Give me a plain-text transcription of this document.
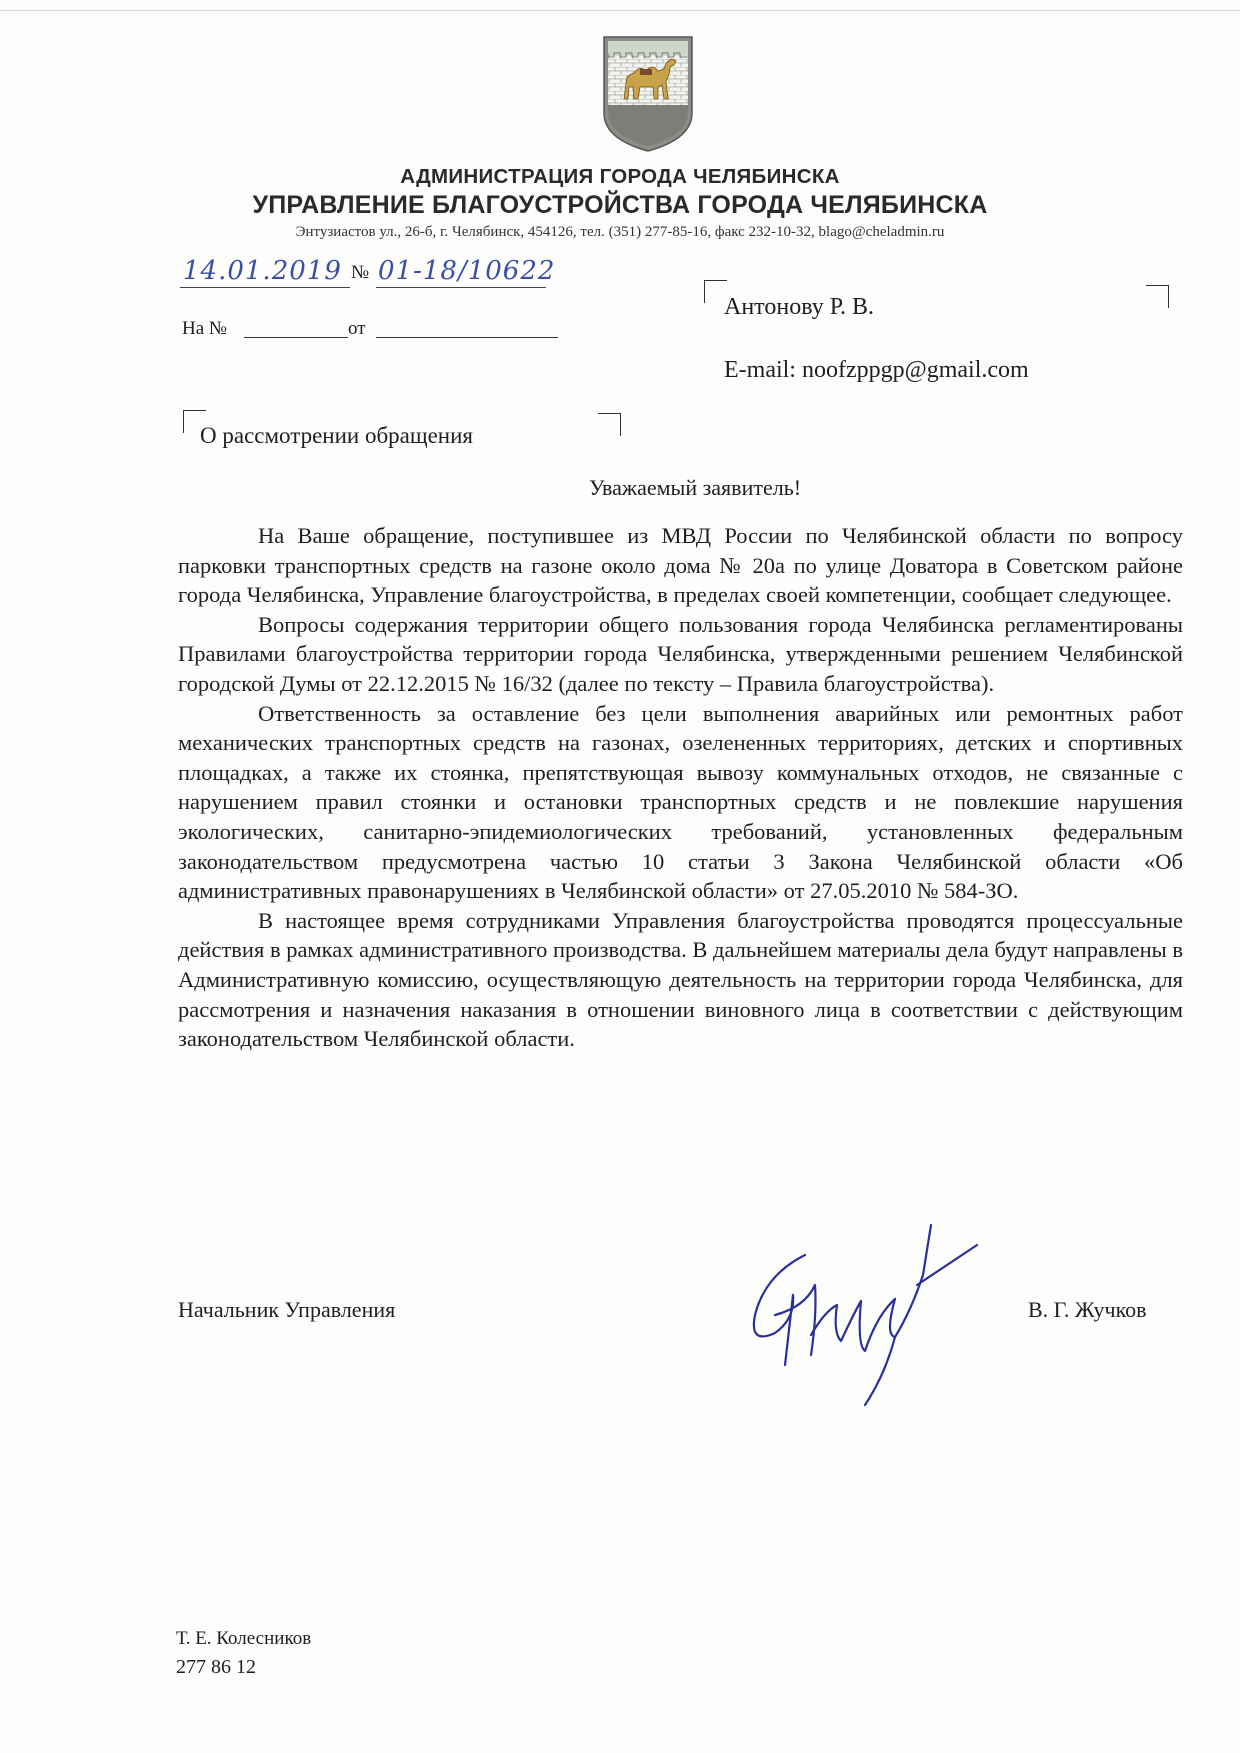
АДМИНИСТРАЦИЯ ГОРОДА ЧЕЛЯБИНСКА
УПРАВЛЕНИЕ БЛАГОУСТРОЙСТВА ГОРОДА ЧЕЛЯБИНСКА
Энтузиастов ул., 26-б, г. Челябинск, 454126, тел. (351) 277-85-16, факс 232-10-32, blago@cheladmin.ru
14.01.2019 № 01-18/10622
На №	от
Антонову Р. В.
E-mail: noofzppgp@gmail.com
О рассмотрении обращения
Уважаемый заявитель!

На Ваше обращение, поступившее из МВД России по Челябинской области по вопросу парковки транспортных средств на газоне около дома № 20а по улице Доватора в Советском районе города Челябинска, Управление благоустройства, в пределах своей компетенции, сообщает следующее.

Вопросы содержания территории общего пользования города Челябинска регламентированы Правилами благоустройства территории города Челябинска, утвержденными решением Челябинской городской Думы от 22.12.2015 № 16/32 (далее по тексту – Правила благоустройства).

Ответственность за оставление без цели выполнения аварийных или ремонтных работ механических транспортных средств на газонах, озелененных территориях, детских и спортивных площадках, а также их стоянка, препятствующая вывозу коммунальных отходов, не связанные с нарушением правил стоянки и остановки транспортных средств и не повлекшие нарушения экологических, санитарно-эпидемиологических требований, установленных федеральным законодательством предусмотрена частью 10 статьи 3 Закона Челябинской области «Об административных правонарушениях в Челябинской области» от 27.05.2010 № 584-ЗО.

В настоящее время сотрудниками Управления благоустройства проводятся процессуальные действия в рамках административного производства. В дальнейшем материалы дела будут направлены в Административную комиссию, осуществляющую деятельность на территории города Челябинска, для рассмотрения и назначения наказания в отношении виновного лица в соответствии с действующим законодательством Челябинской области.

Начальник Управления	В. Г. Жучков
Т. Е. Колесников
277 86 12
